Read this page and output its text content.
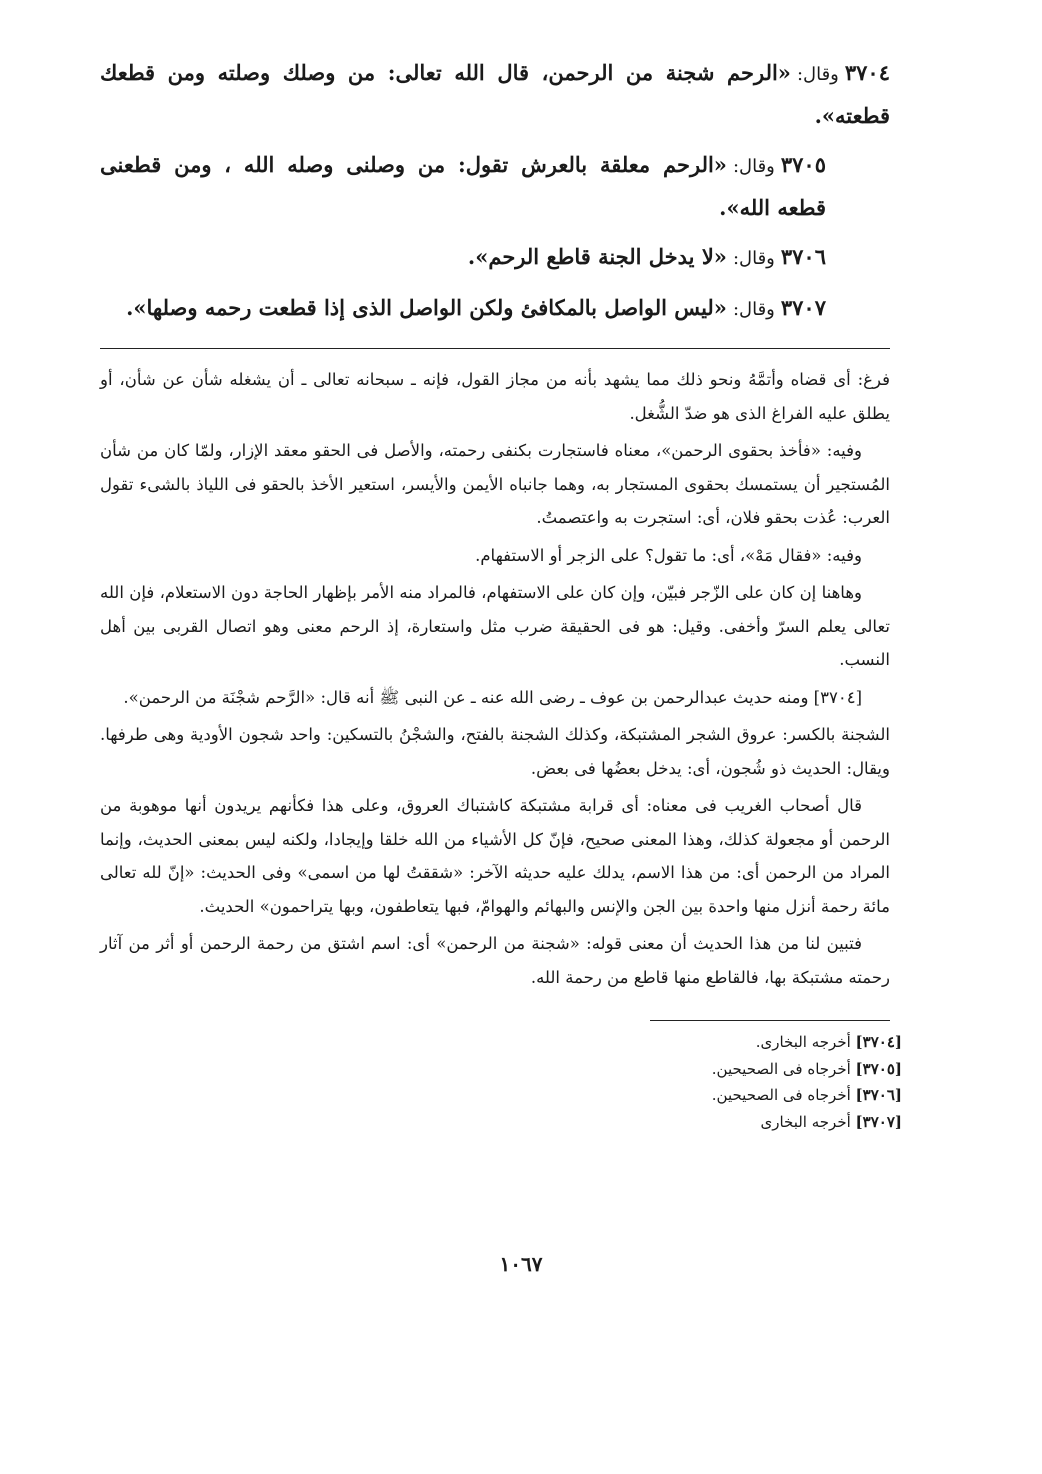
٣٧٠٤وقال:«الرحم شجنة من الرحمن، قال الله تعالى: من وصلك وصلته ومن قطعك قطعته».

٣٧٠٥وقال:«الرحم معلقة بالعرش تقول: من وصلنى وصله الله ، ومن قطعنى قطعه الله».

٣٧٠٦وقال:«لا يدخل الجنة قاطع الرحم».

٣٧٠٧وقال:«ليس الواصل بالمكافئ ولكن الواصل الذى إذا قطعت رحمه وصلها».

فرغ: أى قضاه وأتمَّهُ ونحو ذلك مما يشهد بأنه من مجاز القول، فإنه ـ سبحانه تعالى ـ أن يشغله شأن عن شأن، أو يطلق عليه الفراغ الذى هو ضدّ الشُّغل.

وفيه: «فأخذ بحقوى الرحمن»، معناه فاستجارت بكنفى رحمته، والأصل فى الحقو معقد الإزار، ولمّا كان من شأن المُستجير أن يستمسك بحقوى المستجار به، وهما جانباه الأيمن والأيسر، استعير الأخذ بالحقو فى اللياذ بالشىء تقول العرب: عُذت بحقو فلان، أى: استجرت به واعتصمتُ.

وفيه: «فقال مَهْ»، أى: ما تقول؟ على الزجر أو الاستفهام.

وهاهنا إن كان على الزّجر فبيّن، وإن كان على الاستفهام، فالمراد منه الأمر بإظهار الحاجة دون الاستعلام، فإن الله تعالى يعلم السرّ وأخفى. وقيل: هو فى الحقيقة ضرب مثل واستعارة، إذ الرحم معنى وهو اتصال القربى بين أهل النسب.

[٣٧٠٤] ومنه حديث عبدالرحمن بن عوف ـ رضى الله عنه ـ عن النبى ﷺ أنه قال: «الرَّحم شجْنَة من الرحمن».

الشجنة بالكسر: عروق الشجر المشتبكة، وكذلك الشجنة بالفتح، والشجْنُ بالتسكين: واحد شجون الأودية وهى طرفها. ويقال: الحديث ذو شُجون، أى: يدخل بعضُها فى بعض.

قال أصحاب الغريب فى معناه: أى قرابة مشتبكة كاشتباك العروق، وعلى هذا فكأنهم يريدون أنها موهوبة من الرحمن أو مجعولة كذلك، وهذا المعنى صحيح، فإنّ كل الأشياء من الله خلقا وإيجادا، ولكنه ليس بمعنى الحديث، وإنما المراد من الرحمن أى: من هذا الاسم، يدلك عليه حديثه الآخر: «شققتُ لها من اسمى» وفى الحديث: «إنّ لله تعالى مائة رحمة أنزل منها واحدة بين الجن والإنس والبهائم والهوامّ، فبها يتعاطفون، وبها يتراحمون» الحديث.

فتبين لنا من هذا الحديث أن معنى قوله: «شجنة من الرحمن» أى: اسم اشتق من رحمة الرحمن أو أثر من آثار رحمته مشتبكة بها، فالقاطع منها قاطع من رحمة الله.

[٣٧٠٤] أخرجه البخارى.

[٣٧٠٥] أخرجاه فى الصحيحين.

[٣٧٠٦] أخرجاه فى الصحيحين.

[٣٧٠٧] أخرجه البخارى

١٠٦٧
